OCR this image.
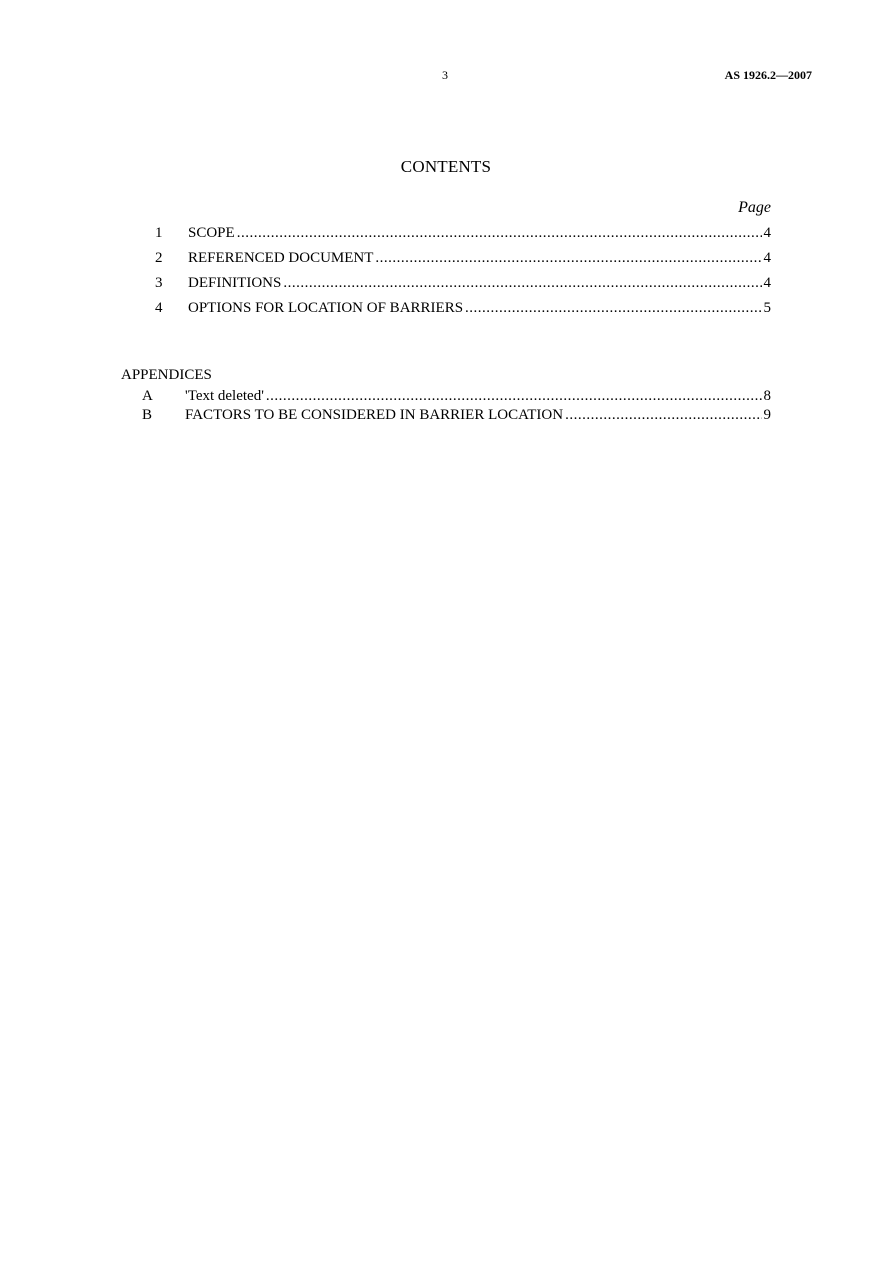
3	AS 1926.2—2007
CONTENTS
Page
1 SCOPE .....	4
2 REFERENCED DOCUMENT .....	4
3 DEFINITIONS .....	4
4 OPTIONS FOR LOCATION OF BARRIERS .....	5
APPENDICES
A 'Text deleted' .....	8
B FACTORS TO BE CONSIDERED IN BARRIER LOCATION .....	9
